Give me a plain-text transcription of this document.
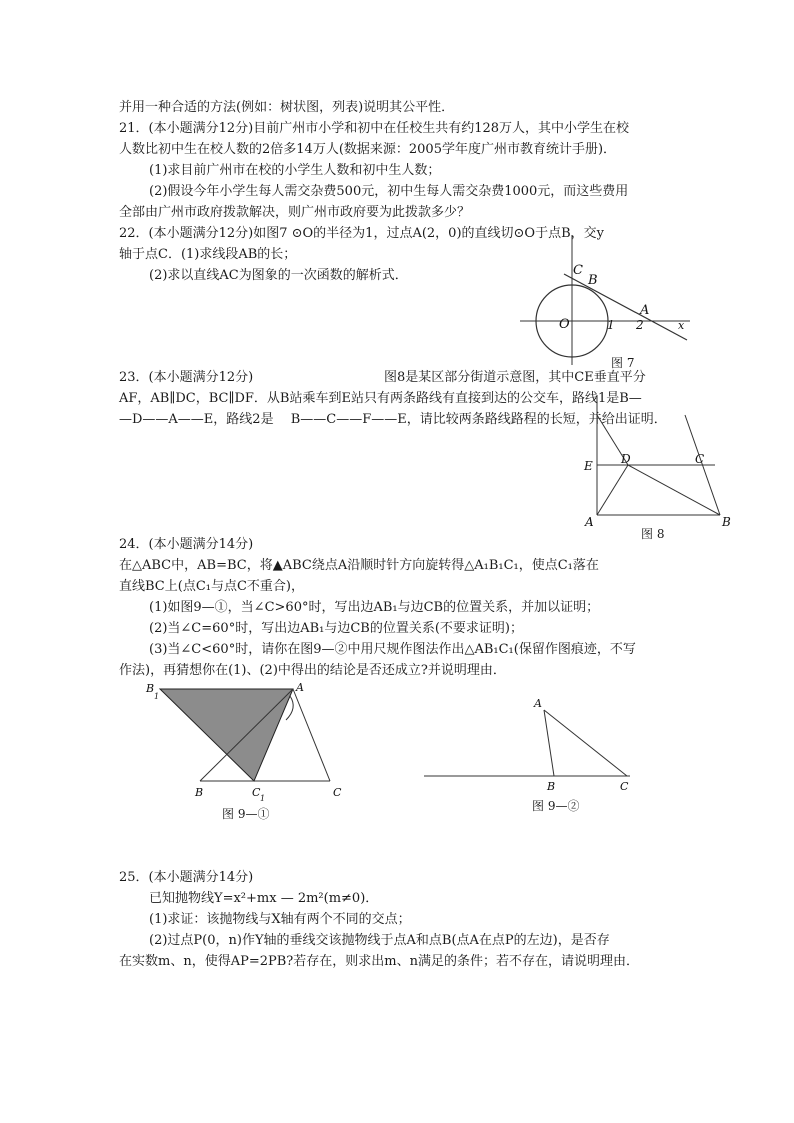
并用一种合适的方法(例如：树状图，列表)说明其公平性．
21．(本小题满分12分)目前广州市小学和初中在任校生共有约128万人，其中小学生在校
人数比初中生在校人数的2倍多14万人(数据来源：2005学年度广州市教育统计手册)．
(1)求目前广州市在校的小学生人数和初中生人数；
(2)假设今年小学生每人需交杂费500元，初中生每人需交杂费1000元，而这些费用
全部由广州市政府拨款解决，则广州市政府要为此拨款多少？
22．(本小题满分12分)如图7 ⊙O的半径为1，过点A(2，0)的直线切⊙O于点B，交y
轴于点C．(1)求线段AB的长；
(2)求以直线AC为图象的一次函数的解析式．
23．(本小题满分12分)	图8是某区部分街道示意图，其中CE垂直平分
AF，AB∥DC，BC∥DF．从B站乘车到E站只有两条路线有直接到达的公交车，路线1是B—
—D——A——E，路线2是　 B——C——F——E，请比较两条路线路程的长短，并给出证明．
24．(本小题满分14分)
在△ABC中，AB=BC，将▲ABC绕点A沿顺时针方向旋转得△A₁B₁C₁，使点C₁落在
直线BC上(点C₁与点C不重合)，
(1)如图9—①，当∠C>60°时，写出边AB₁与边CB的位置关系，并加以证明；
(2)当∠C=60°时，写出边AB₁与边CB的位置关系(不要求证明)；
(3)当∠C<60°时，请你在图9—②中用尺规作图法作出△AB₁C₁(保留作图痕迹，不写
作法)，再猜想你在(1)、(2)中得出的结论是否还成立?并说明理由．
25．(本小题满分14分)
已知抛物线Y=x²+mx — 2m²(m≠0)．
(1)求证：该抛物线与X轴有两个不同的交点；
(2)过点P(0，n)作Y轴的垂线交该抛物线于点A和点B(点A在点P的左边)，是否存
在实数m、n，使得AP=2PB?若存在，则求出m、n满足的条件；若不存在，请说明理由．
C
B
A
O	1 2	x
图 7
E D	C
A	B
图 8
B
1
A
B	C 1	C
图 9—①
A
B	C
图 9—②
